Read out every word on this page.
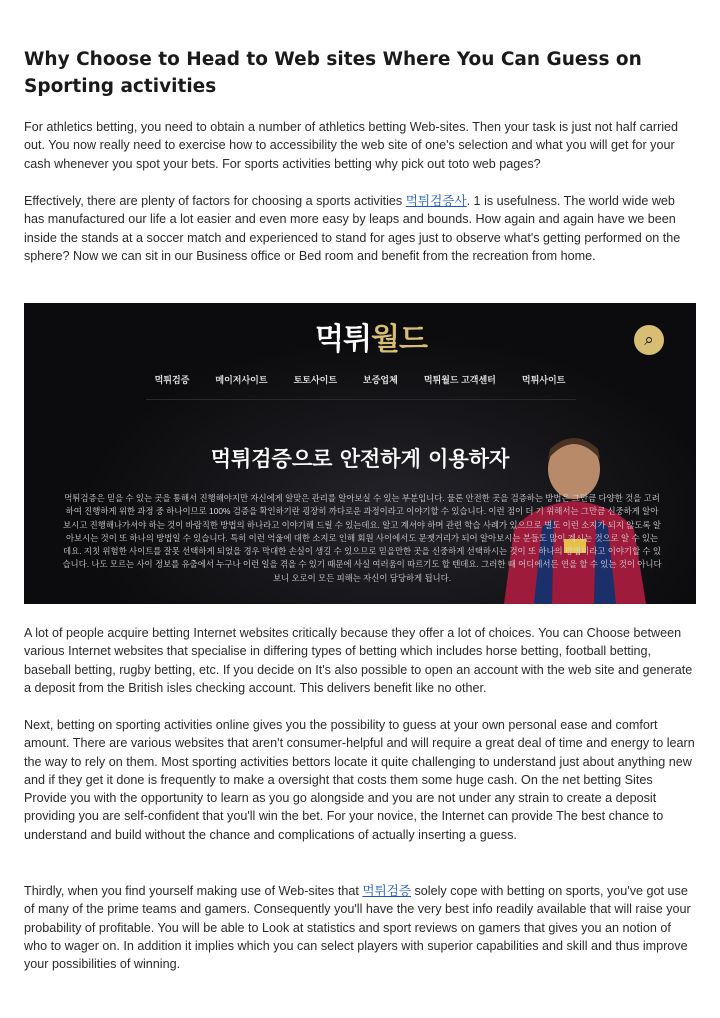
Why Choose to Head to Web sites Where You Can Guess on Sporting activities

For athletics betting, you need to obtain a number of athletics betting Web-sites. Then your task is just not half carried out. You now really need to exercise how to accessibility the web site of one's selection and what you will get for your cash whenever you spot your bets. For sports activities betting why pick out toto web pages?

Effectively, there are plenty of factors for choosing a sports activities 먹튀검증사. 1 is usefulness. The world wide web has manufactured our life a lot easier and even more easy by leaps and bounds. How again and again have we been inside the stands at a soccer match and experienced to stand for ages just to observe what's getting performed on the sphere? Now we can sit in our Business office or Bed room and benefit from the recreation from home.

A lot of people acquire betting Internet websites critically because they offer a lot of choices. You can Choose between various Internet websites that specialise in differing types of betting which includes horse betting, football betting, baseball betting, rugby betting, etc. If you decide on It's also possible to open an account with the web site and generate a deposit from the British isles checking account. This delivers benefit like no other.

Next, betting on sporting activities online gives you the possibility to guess at your own personal ease and comfort amount. There are various websites that aren't consumer-helpful and will require a great deal of time and energy to learn the way to rely on them. Most sporting activities bettors locate it quite challenging to understand just about anything new and if they get it done is frequently to make a oversight that costs them some huge cash. On the net betting Sites Provide you with the opportunity to learn as you go alongside and you are not under any strain to create a deposit providing you are self-confident that you'll win the bet. For your novice, the Internet can provide The best chance to understand and build without the chance and complications of actually inserting a guess.

Thirdly, when you find yourself making use of Web-sites that 먹튀검증 solely cope with betting on sports, you've got use of many of the prime teams and gamers. Consequently you'll have the very best info readily available that will raise your probability of profitable. You will be able to Look at statistics and sport reviews on gamers that gives you an notion of who to wager on. In addition it implies which you can select players with superior capabilities and skill and thus improve your possibilities of winning.

먹튀월드	⌕
먹튀검증	메이저사이트	토토사이트	보증업체	먹튀월드 고객센터	먹튀사이트
먹튀검증으로 안전하게 이용하자
먹튀검증은 믿을 수 있는 곳을 통해서 진행해야지만 자신에게 알맞은 관리를 알아보실 수 있는 부분입니다. 물론 안전한 곳을 검증하는 방법은 그만큼 다양한 것을 고려하여 진행하게 위한 과정 중 하나이므로 100% 검증을 확인하기란 굉장히 까다로운 과정이라고 이야기할 수 있습니다. 이런 점이 더 기 위해서는 그만큼 신중하게 알아보시고 진행해나가셔야 하는 것이 바람직한 방법의 하나라고 이야기해 드릴 수 있는데요. 알고 계셔야 하며 관련 학습 사례가 있으므로 별도 이런 소지가 되지 않도록 알아보시는 것이 또 하나의 방법일 수 있습니다. 특히 이런 억울에 대한 소지로 인해 회원 사이에서도 문젯거리가 되어 알아보시는 분들도 많이 계시는 것으로 알 수 있는데요. 지칫 위험한 사이트를 잘못 선택하게 되었을 경우 막대한 손실이 생길 수 있으므로 믿을만한 곳을 신중하게 선택하시는 것이 또 하나의 방법이라고 이야기할 수 있습니다. 나도 모르는 사이 정보를 유출에서 누구나 이런 일을 겪을 수 있기 때문에 사실 여러움이 따르기도 할 텐데요. 그러한 때 어디에서든 연을 할 수 있는 것이 아니다 보니 오로이 모든 피해는 자신이 담당하게 됩니다.
